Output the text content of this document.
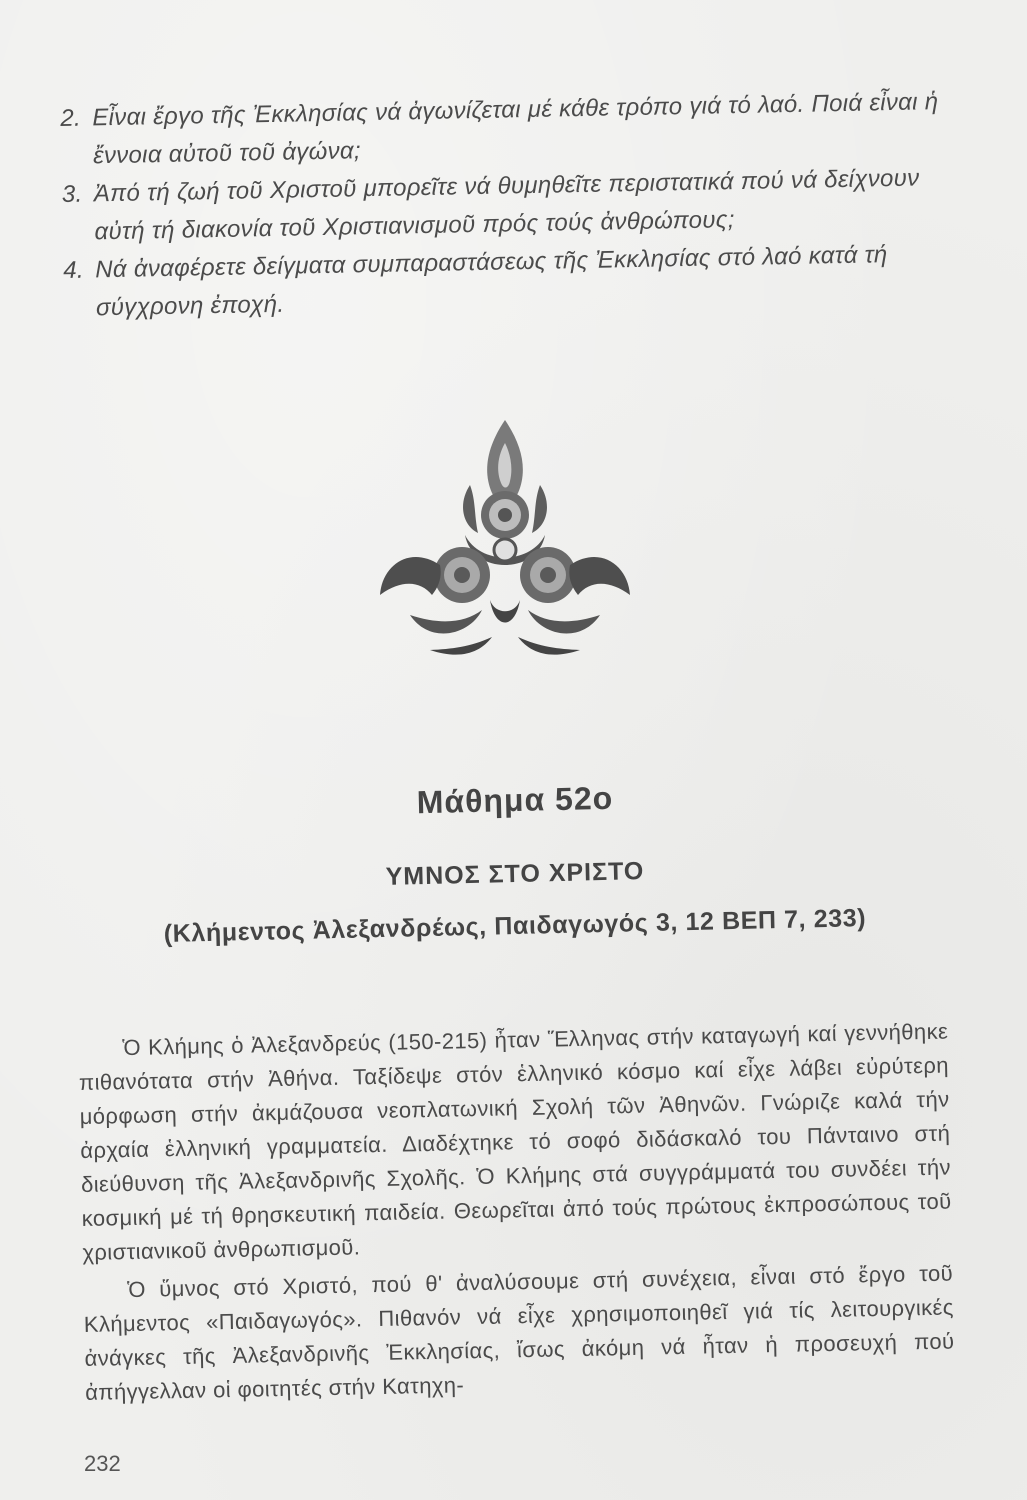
2. Εἶναι ἔργο τῆς Ἐκκλησίας νά ἀγωνίζεται μέ κάθε τρόπο γιά τό λαό. Ποιά εἶναι ἡ ἔννοια αὐτοῦ τοῦ ἀγώνα;
3. Ἀπό τή ζωή τοῦ Χριστοῦ μπορεῖτε νά θυμηθεῖτε περιστατικά πού νά δείχνουν αὐτή τή διακονία τοῦ Χριστιανισμοῦ πρός τούς ἀνθρώπους;
4. Νά ἀναφέρετε δείγματα συμπαραστάσεως τῆς Ἐκκλησίας στό λαό κατά τή σύγχρονη ἐποχή.
Μάθημα 52ο
ΥΜΝΟΣ ΣΤΟ ΧΡΙΣΤΟ
(Κλήμεντος Ἀλεξανδρέως, Παιδαγωγός 3, 12 ΒΕΠ 7, 233)

Ὁ Κλήμης ὁ Ἀλεξανδρεύς (150-215) ἦταν Ἕλληνας στήν καταγωγή καί γεννήθηκε πιθανότατα στήν Ἀθήνα. Ταξίδεψε στόν ἑλληνικό κόσμο καί εἶχε λάβει εὐρύτερη μόρφωση στήν ἀκμάζουσα νεοπλατωνική Σχολή τῶν Ἀθηνῶν. Γνώριζε καλά τήν ἀρχαία ἑλληνική γραμματεία. Διαδέχτηκε τό σοφό διδάσκαλό του Πάνταινο στή διεύθυνση τῆς Ἀλεξανδρινῆς Σχολῆς. Ὁ Κλήμης στά συγγράμματά του συνδέει τήν κοσμική μέ τή θρησκευτική παιδεία. Θεωρεῖται ἀπό τούς πρώτους ἐκπροσώπους τοῦ χριστιανικοῦ ἀνθρωπισμοῦ.

Ὁ ὕμνος στό Χριστό, πού θ' ἀναλύσουμε στή συνέχεια, εἶναι στό ἔργο τοῦ Κλήμεντος «Παιδαγωγός». Πιθανόν νά εἶχε χρησιμοποιηθεῖ γιά τίς λειτουργικές ἀνάγκες τῆς Ἀλεξανδρινῆς Ἐκκλησίας, ἴσως ἀκόμη νά ἦταν ἡ προσευχή πού ἀπήγγελλαν οἱ φοιτητές στήν Κατηχη-

232
